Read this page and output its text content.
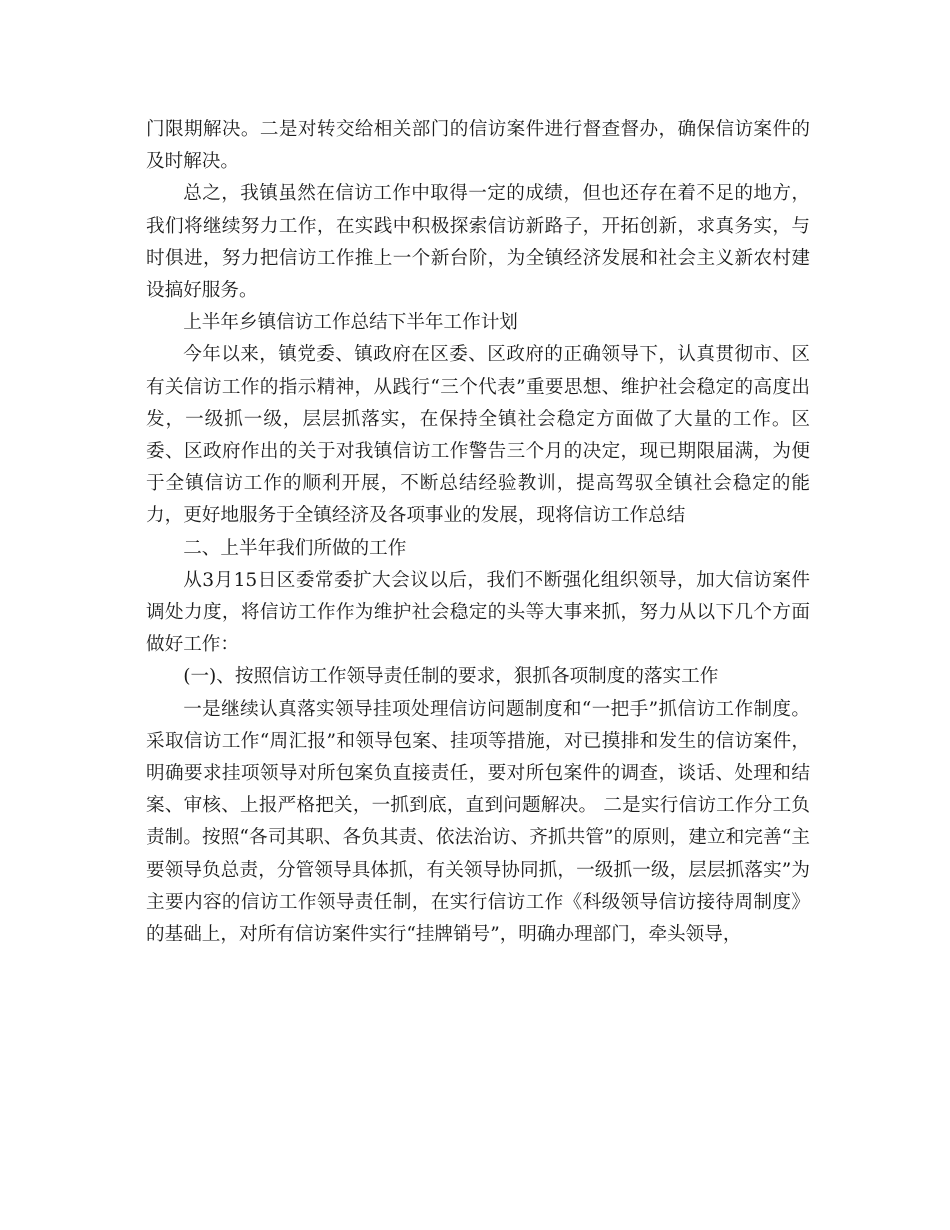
门限期解决。二是对转交给相关部门的信访案件进行督查督办，确保信访案件的及时解决。

总之，我镇虽然在信访工作中取得一定的成绩，但也还存在着不足的地方，我们将继续努力工作，在实践中积极探索信访新路子，开拓创新，求真务实，与时俱进，努力把信访工作推上一个新台阶，为全镇经济发展和社会主义新农村建设搞好服务。

上半年乡镇信访工作总结下半年工作计划

今年以来，镇党委、镇政府在区委、区政府的正确领导下，认真贯彻市、区有关信访工作的指示精神，从践行“三个代表”重要思想、维护社会稳定的高度出发，一级抓一级，层层抓落实，在保持全镇社会稳定方面做了大量的工作。区委、区政府作出的关于对我镇信访工作警告三个月的决定，现已期限届满，为便于全镇信访工作的顺利开展，不断总结经验教训，提高驾驭全镇社会稳定的能力，更好地服务于全镇经济及各项事业的发展，现将信访工作总结

二、上半年我们所做的工作

从3月15日区委常委扩大会议以后，我们不断强化组织领导，加大信访案件调处力度，将信访工作作为维护社会稳定的头等大事来抓，努力从以下几个方面做好工作：

(一)、按照信访工作领导责任制的要求，狠抓各项制度的落实工作

一是继续认真落实领导挂项处理信访问题制度和“一把手”抓信访工作制度。采取信访工作“周汇报”和领导包案、挂项等措施，对已摸排和发生的信访案件，明确要求挂项领导对所包案负直接责任，要对所包案件的调查，谈话、处理和结案、审核、上报严格把关，一抓到底，直到问题解决。 二是实行信访工作分工负责制。按照“各司其职、各负其责、依法治访、齐抓共管”的原则，建立和完善“主要领导负总责，分管领导具体抓，有关领导协同抓，一级抓一级，层层抓落实”为主要内容的信访工作领导责任制，在实行信访工作《科级领导信访接待周制度》的基础上，对所有信访案件实行“挂牌销号”，明确办理部门，牵头领导，
